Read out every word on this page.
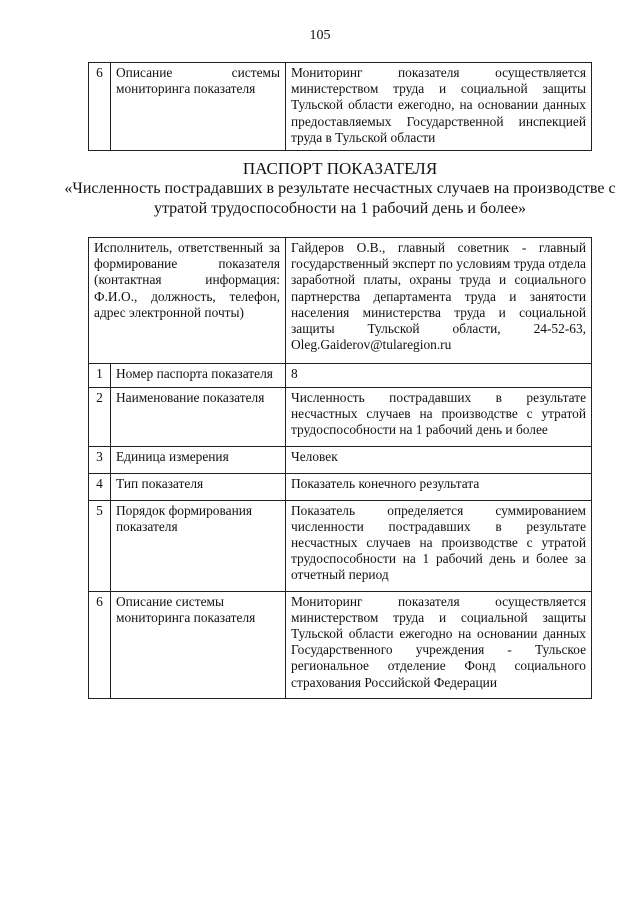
105
6	Описание системы мониторинга показателя	Мониторинг показателя осуществляется министерством труда и социальной защиты Тульской области ежегодно, на основании данных предоставляемых Государственной инспекцией труда в Тульской области
ПАСПОРТ ПОКАЗАТЕЛЯ
«Численность пострадавших в результате несчастных случаев на производстве с утратой трудоспособности на 1 рабочий день и более»
Исполнитель, ответственный за формирование показателя (контактная информация: Ф.И.О., должность, телефон, адрес электронной почты)		Гайдеров О.В., главный советник - главный государственный эксперт по условиям труда отдела заработной платы, охраны труда и социального партнерства департамента труда и занятости населения министерства труда и социальной защиты Тульской области, 24-52-63, Oleg.Gaiderov@tularegion.ru
1	Номер паспорта показателя	8
2	Наименование показателя	Численность пострадавших в результате несчастных случаев на производстве с утратой трудоспособности на 1 рабочий день и более
3	Единица измерения	Человек
4	Тип показателя	Показатель конечного результата
5	Порядок формирования показателя	Показатель определяется суммированием численности пострадавших в результате несчастных случаев на производстве с утратой трудоспособности на 1 рабочий день и более за отчетный период
6	Описание системы мониторинга показателя	Мониторинг показателя осуществляется министерством труда и социальной защиты Тульской области ежегодно на основании данных Государственного учреждения - Тульское региональное отделение Фонд социального страхования Российской Федерации
